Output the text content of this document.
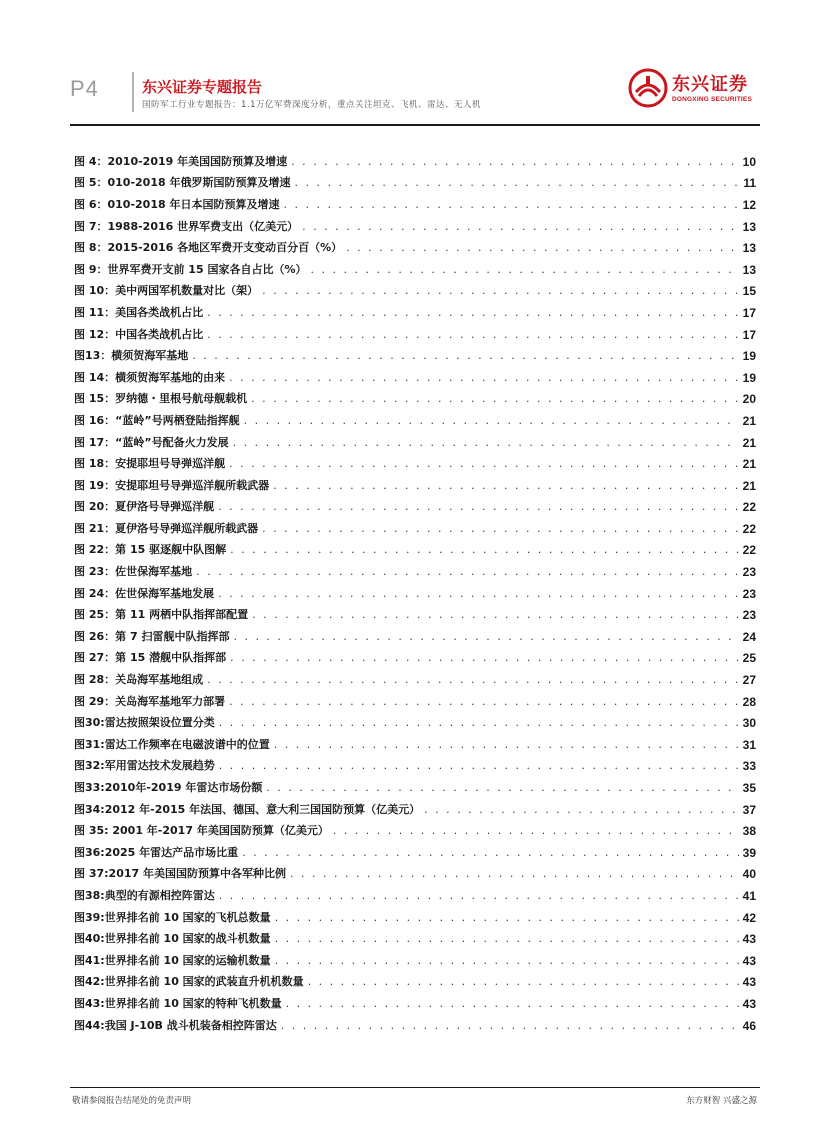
P4	东兴证券专题报告
国防军工行业专题报告：1.1万亿军费深度分析，重点关注坦克、飞机、雷达、无人机
东兴证券
DONGXING SECURITIES
图 4：2010-2019 年美国国防预算及增速 . . .	10
图 5：010-2018 年俄罗斯国防预算及增速 . . .	11
图 6：010-2018 年日本国防预算及增速 . . .	12
图 7：1988-2016 世界军费支出（亿美元） . . .	13
图 8：2015-2016 各地区军费开支变动百分百（%） . . .	13
图 9：世界军费开支前 15 国家各自占比（%） . . .	13
图 10：美中两国军机数量对比（架） . . .	15
图 11：美国各类战机占比 . . .	17
图 12：中国各类战机占比 . . .	17
图13：横须贺海军基地 . . .	19
图 14：横须贺海军基地的由来 . . .	19
图 15：罗纳德・里根号航母舰载机 . . .	20
图 16：“蓝岭”号两栖登陆指挥舰 . . .	21
图 17：“蓝岭”号配备火力发展 . . .	21
图 18：安提耶坦号导弹巡洋舰 . . .	21
图 19：安提耶坦号导弹巡洋舰所载武器 . . .	21
图 20：夏伊洛号导弹巡洋舰 . . .	22
图 21：夏伊洛号导弹巡洋舰所载武器 . . .	22
图 22：第 15 驱逐舰中队图解 . . .	22
图 23：佐世保海军基地 . . .	23
图 24：佐世保海军基地发展 . . .	23
图 25：第 11 两栖中队指挥部配置 . . .	23
图 26：第 7 扫雷舰中队指挥部 . . .	24
图 27：第 15 潜舰中队指挥部 . . .	25
图 28：关岛海军基地组成 . . .	27
图 29：关岛海军基地军力部署 . . .	28
图30:雷达按照架设位置分类 . . .	30
图31:雷达工作频率在电磁波谱中的位置 . . .	31
图32:军用雷达技术发展趋势 . . .	33
图33:2010年-2019 年雷达市场份额 . . .	35
图34:2012 年-2015 年法国、德国、意大利三国国防预算（亿美元） . . .	37
图 35: 2001 年-2017 年美国国防预算（亿美元） . . .	38
图36:2025 年雷达产品市场比重 . . .	39
图 37:2017 年美国国防预算中各军种比例 . . .	40
图38:典型的有源相控阵雷达 . . .	41
图39:世界排名前 10 国家的飞机总数量 . . .	42
图40:世界排名前 10 国家的战斗机数量 . . .	43
图41:世界排名前 10 国家的运输机数量 . . .	43
图42:世界排名前 10 国家的武装直升机机数量 . . .	43
图43:世界排名前 10 国家的特种飞机数量 . . .	43
图44:我国 J-10B 战斗机装备相控阵雷达 . . .	46
敬请参阅报告结尾处的免责声明	东方财智 兴盛之源
